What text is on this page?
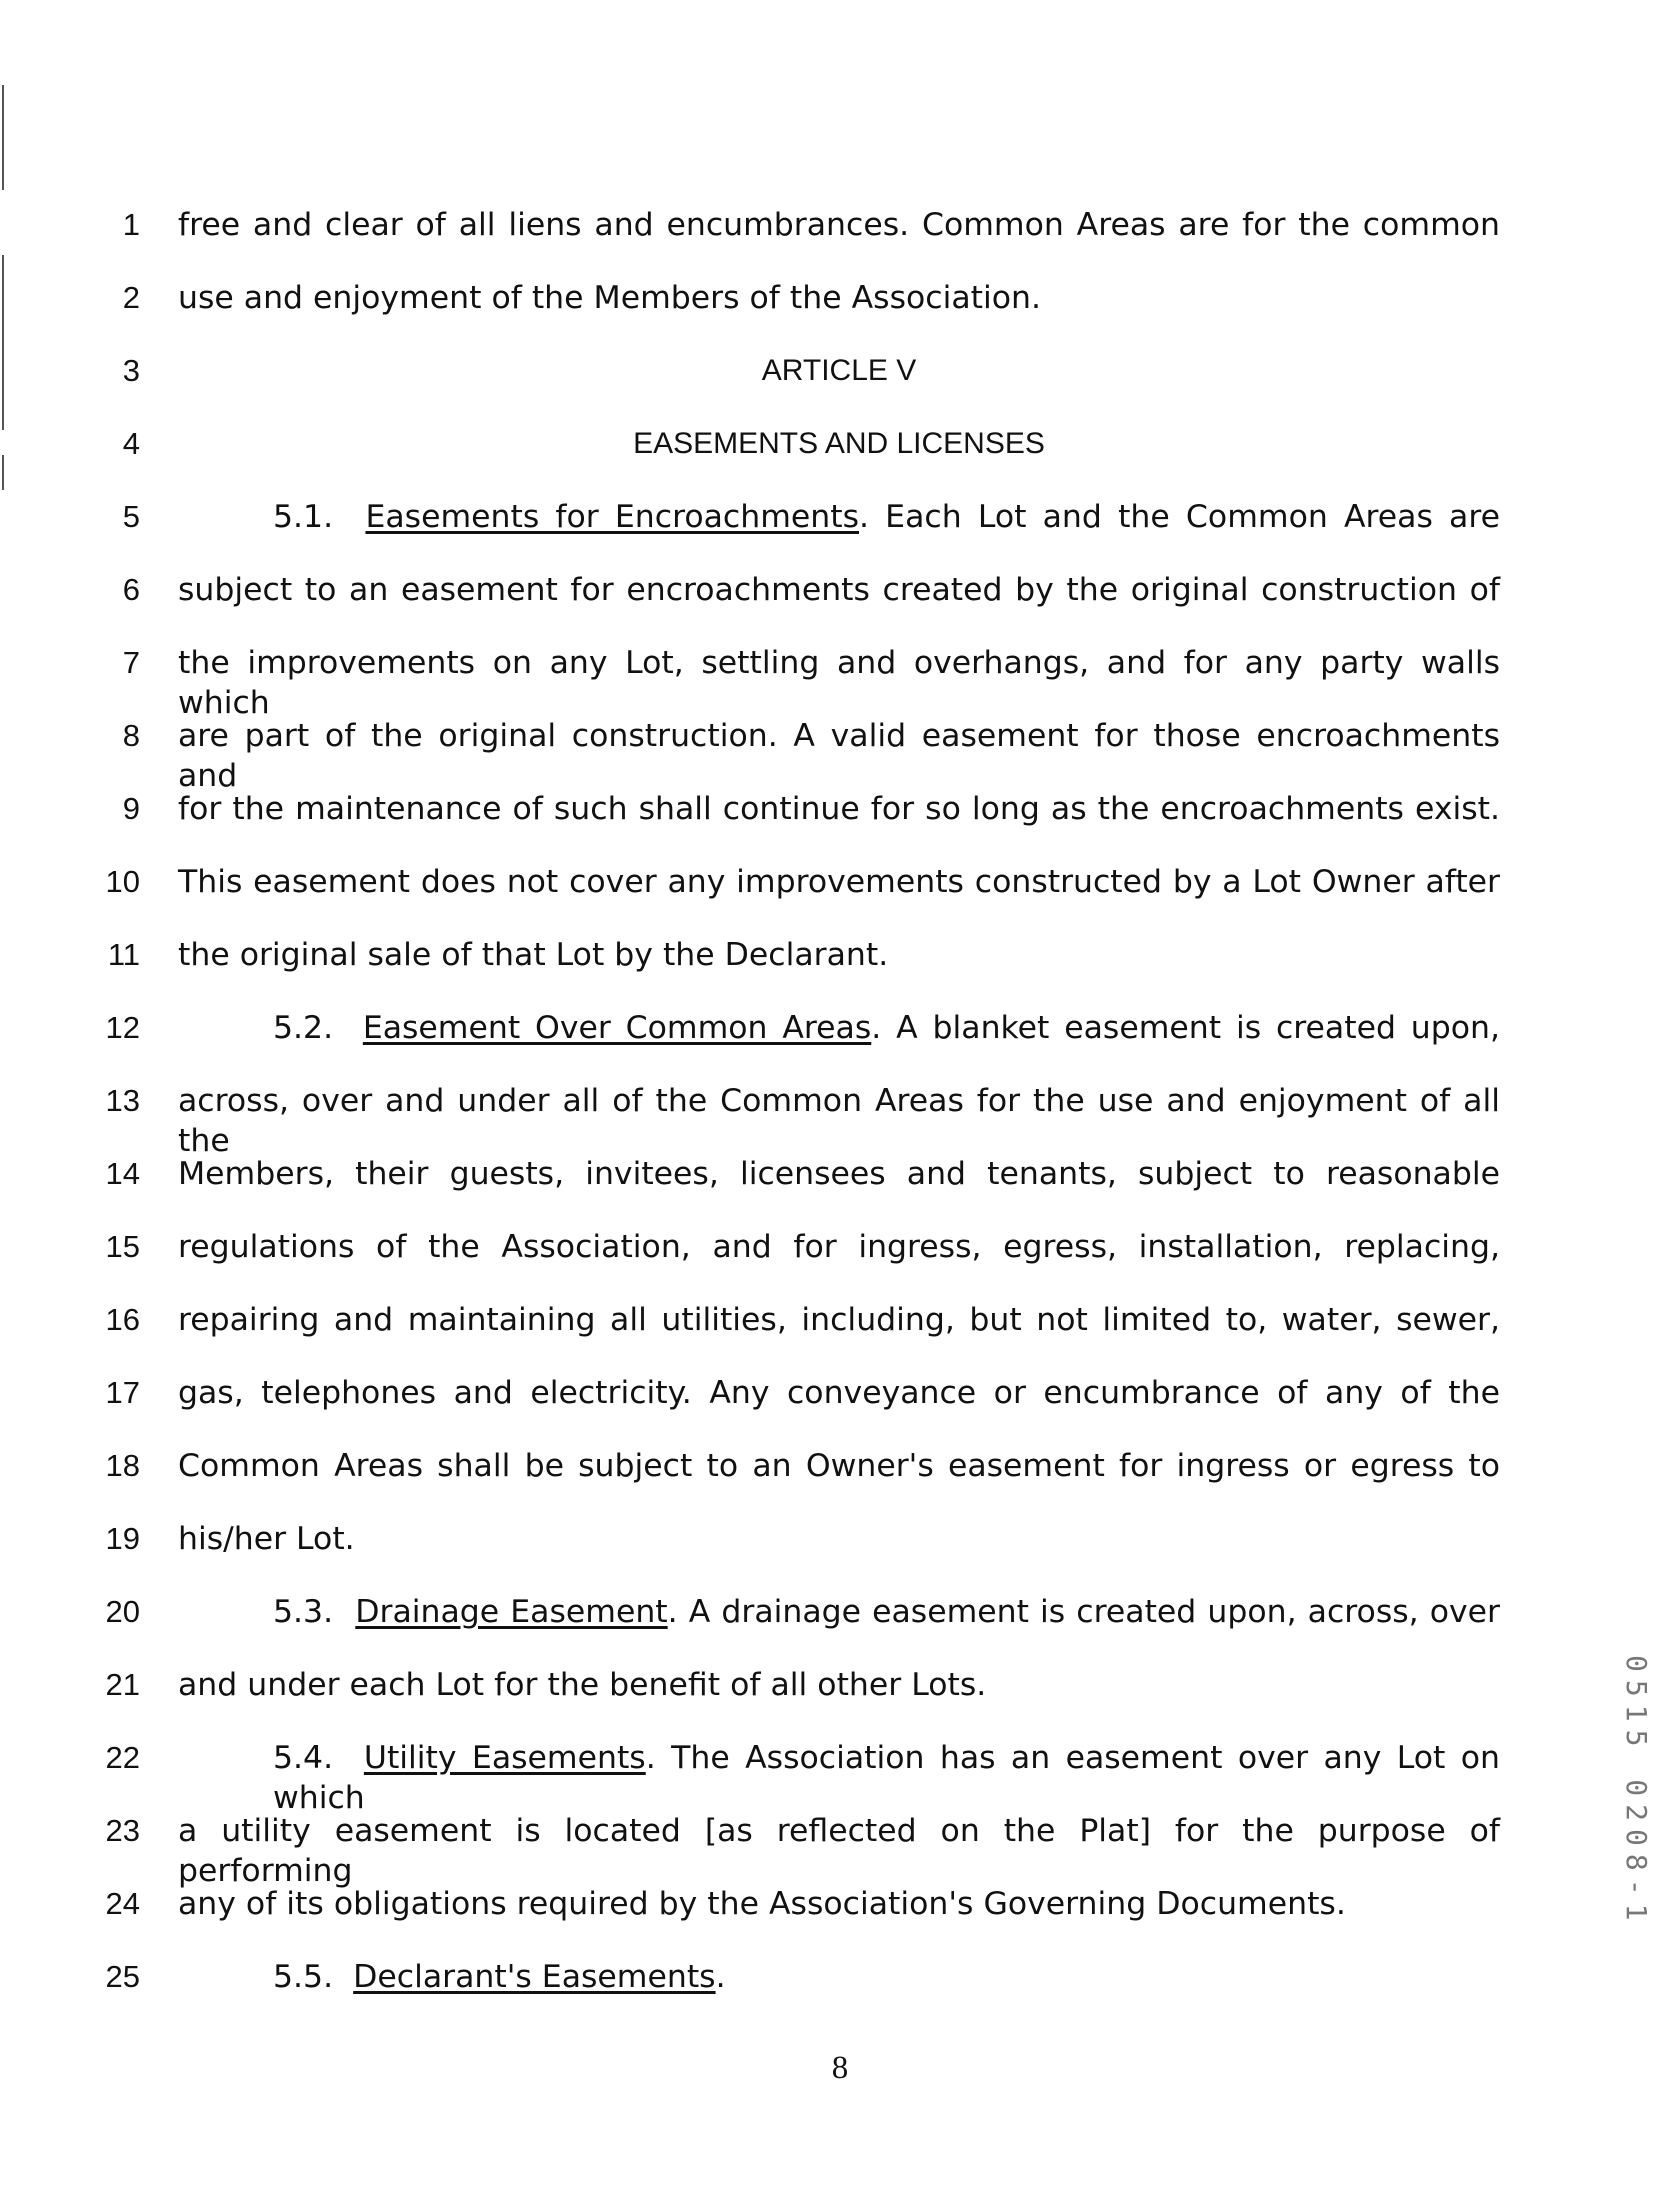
1
2
3
4
5
6
7
8
9
10
11
12
13
14
15
16
17
18
19
20
21
22
23
24
25
free and clear of all liens and encumbrances. Common Areas are for the common
use and enjoyment of the Members of the Association.
ARTICLE V
EASEMENTS AND LICENSES
5.1. Easements for Encroachments. Each Lot and the Common Areas are
subject to an easement for encroachments created by the original construction of
the improvements on any Lot, settling and overhangs, and for any party walls which
are part of the original construction. A valid easement for those encroachments and
for the maintenance of such shall continue for so long as the encroachments exist.
This easement does not cover any improvements constructed by a Lot Owner after
the original sale of that Lot by the Declarant.
5.2. Easement Over Common Areas. A blanket easement is created upon,
across, over and under all of the Common Areas for the use and enjoyment of all the
Members, their guests, invitees, licensees and tenants, subject to reasonable
regulations of the Association, and for ingress, egress, installation, replacing,
repairing and maintaining all utilities, including, but not limited to, water, sewer,
gas, telephones and electricity. Any conveyance or encumbrance of any of the
Common Areas shall be subject to an Owner's easement for ingress or egress to
his/her Lot.
5.3. Drainage Easement. A drainage easement is created upon, across, over
and under each Lot for the benefit of all other Lots.
5.4. Utility Easements. The Association has an easement over any Lot on which
a utility easement is located [as reflected on the Plat] for the purpose of performing
any of its obligations required by the Association's Governing Documents.
5.5. Declarant's Easements.
8
0515 0208-1
